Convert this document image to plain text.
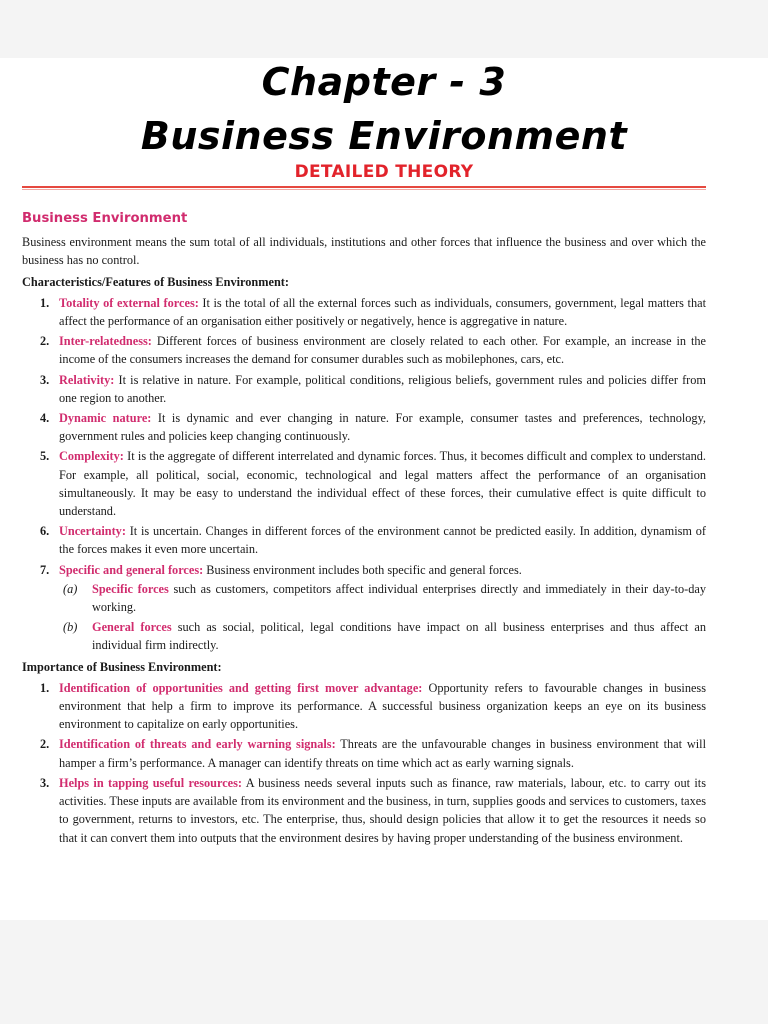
Chapter - 3
Business Environment
DETAILED THEORY
Business Environment

Business environment means the sum total of all individuals, institutions and other forces that influence the business and over which the business has no control.

Characteristics/Features of Business Environment:
1. Totality of external forces: It is the total of all the external forces such as individuals, consumers, government, legal matters that affect the performance of an organisation either positively or negatively, hence is aggregative in nature.
2. Inter-relatedness: Different forces of business environment are closely related to each other. For example, an increase in the income of the consumers increases the demand for consumer durables such as mobilephones, cars, etc.
3. Relativity: It is relative in nature. For example, political conditions, religious beliefs, government rules and policies differ from one region to another.
4. Dynamic nature: It is dynamic and ever changing in nature. For example, consumer tastes and preferences, technology, government rules and policies keep changing continuously.
5. Complexity: It is the aggregate of different interrelated and dynamic forces. Thus, it becomes difficult and complex to understand. For example, all political, social, economic, technological and legal matters affect the performance of an organisation simultaneously. It may be easy to understand the individual effect of these forces, their cumulative effect is quite difficult to understand.
6. Uncertainty: It is uncertain. Changes in different forces of the environment cannot be predicted easily. In addition, dynamism of the forces makes it even more uncertain.
7. Specific and general forces: Business environment includes both specific and general forces.
(a) Specific forces such as customers, competitors affect individual enterprises directly and immediately in their day-to-day working.
(b) General forces such as social, political, legal conditions have impact on all business enterprises and thus affect an individual firm indirectly.
Importance of Business Environment:
1. Identification of opportunities and getting first mover advantage: Opportunity refers to favourable changes in business environment that help a firm to improve its performance. A successful business organization keeps an eye on its business environment to capitalize on early opportunities.
2. Identification of threats and early warning signals: Threats are the unfavourable changes in business environment that will hamper a firm’s performance. A manager can identify threats on time which act as early warning signals.
3. Helps in tapping useful resources: A business needs several inputs such as finance, raw materials, labour, etc. to carry out its activities. These inputs are available from its environment and the business, in turn, supplies goods and services to customers, taxes to government, returns to investors, etc. The enterprise, thus, should design policies that allow it to get the resources it needs so that it can convert them into outputs that the environment desires by having proper understanding of the business environment.
